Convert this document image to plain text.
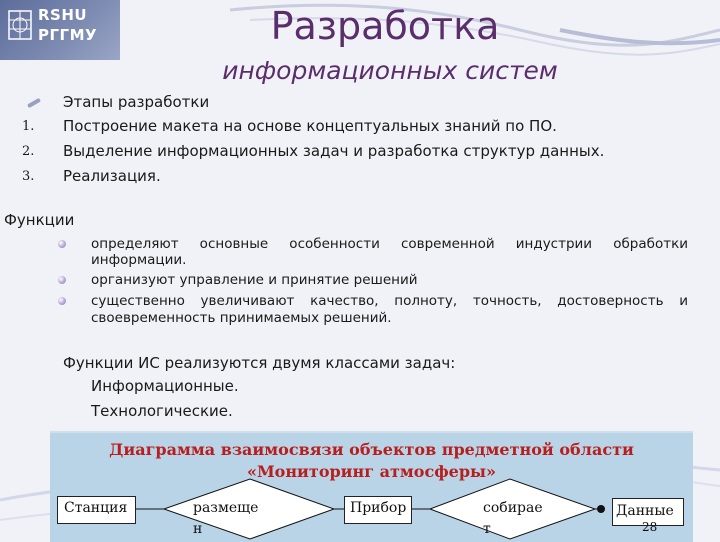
RSHU
РГГМУ	Разработка
информационных систем
Этапы разработки
1. Построение макета на основе концептуальных знаний по ПО.
2. Выделение информационных задач и разработка структур данных.
3. Реализация.
Функции
определяют основные особенности современной индустрии обработки
информации.
организуют управление и принятие решений
существенно увеличивают качество, полноту, точность, достоверность и
своевременность принимаемых решений.
Функции ИС реализуются двумя классами задач:
Информационные.
Технологические.
Диаграмма взаимосвязи объектов предметной области
«Мониторинг атмосферы»
Станция	размеще
н
Прибор	собирае
т
Данные
28
